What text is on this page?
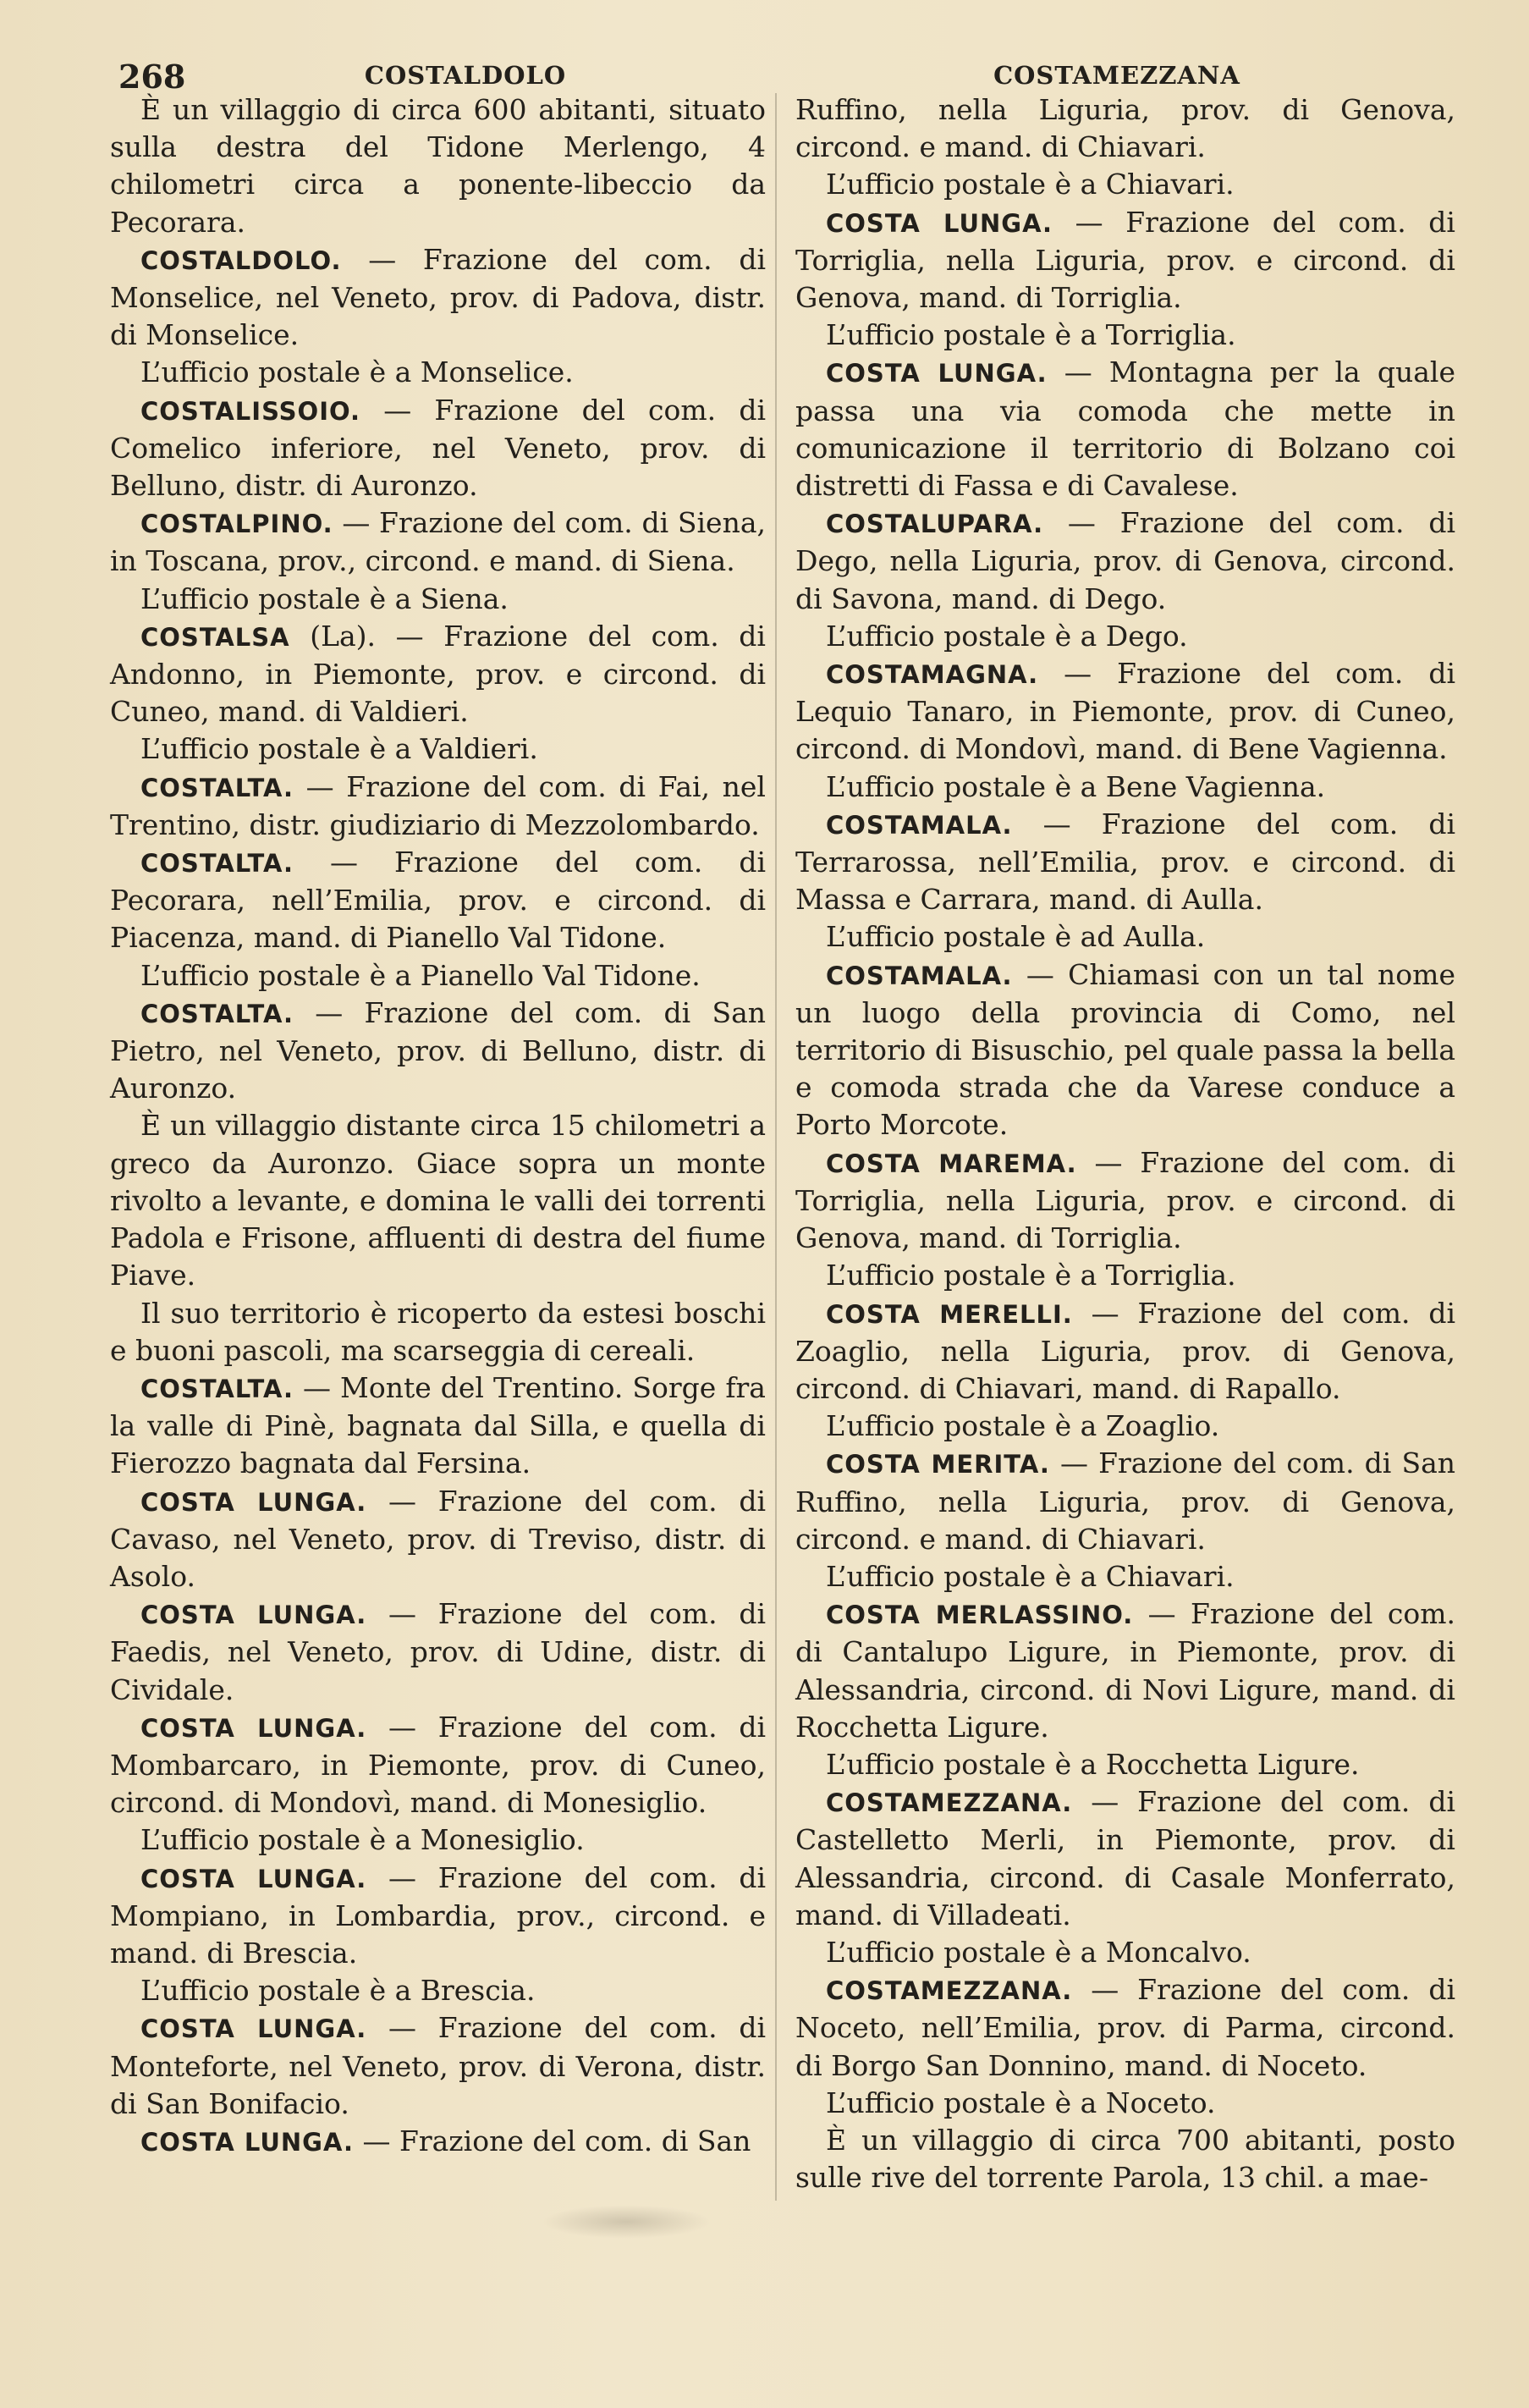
268	COSTALDOLO	COSTAMEZZANA

È un villaggio di circa 600 abitanti, situato sulla destra del Tidone Merlengo, 4 chilometri circa a ponente-libeccio da Pecorara.

COSTALDOLO. — Frazione del com. di Monselice, nel Veneto, prov. di Padova, distr. di Monselice.

L’ufficio postale è a Monselice.

COSTALISSOIO. — Frazione del com. di Comelico inferiore, nel Veneto, prov. di Belluno, distr. di Auronzo.

COSTALPINO. — Frazione del com. di Siena, in Toscana, prov., circond. e mand. di Siena.

L’ufficio postale è a Siena.

COSTALSA (La). — Frazione del com. di Andonno, in Piemonte, prov. e circond. di Cuneo, mand. di Valdieri.

L’ufficio postale è a Valdieri.

COSTALTA. — Frazione del com. di Fai, nel Trentino, distr. giudiziario di Mezzolombardo.

COSTALTA. — Frazione del com. di Pecorara, nell’Emilia, prov. e circond. di Piacenza, mand. di Pianello Val Tidone.

L’ufficio postale è a Pianello Val Tidone.

COSTALTA. — Frazione del com. di San Pietro, nel Veneto, prov. di Belluno, distr. di Auronzo.

È un villaggio distante circa 15 chilometri a greco da Auronzo. Giace sopra un monte rivolto a levante, e domina le valli dei torrenti Padola e Frisone, affluenti di destra del fiume Piave.

Il suo territorio è ricoperto da estesi boschi e buoni pascoli, ma scarseggia di cereali.

COSTALTA. — Monte del Trentino. Sorge fra la valle di Pinè, bagnata dal Silla, e quella di Fierozzo bagnata dal Fersina.

COSTA LUNGA. — Frazione del com. di Cavaso, nel Veneto, prov. di Treviso, distr. di Asolo.

COSTA LUNGA. — Frazione del com. di Faedis, nel Veneto, prov. di Udine, distr. di Cividale.

COSTA LUNGA. — Frazione del com. di Mombarcaro, in Piemonte, prov. di Cuneo, circond. di Mondovì, mand. di Monesiglio.

L’ufficio postale è a Monesiglio.

COSTA LUNGA. — Frazione del com. di Mompiano, in Lombardia, prov., circond. e mand. di Brescia.

L’ufficio postale è a Brescia.

COSTA LUNGA. — Frazione del com. di Monteforte, nel Veneto, prov. di Verona, distr. di San Bonifacio.

COSTA LUNGA. — Frazione del com. di San

Ruffino, nella Liguria, prov. di Genova, circond. e mand. di Chiavari.

L’ufficio postale è a Chiavari.

COSTA LUNGA. — Frazione del com. di Torriglia, nella Liguria, prov. e circond. di Genova, mand. di Torriglia.

L’ufficio postale è a Torriglia.

COSTA LUNGA. — Montagna per la quale passa una via comoda che mette in comunicazione il territorio di Bolzano coi distretti di Fassa e di Cavalese.

COSTALUPARA. — Frazione del com. di Dego, nella Liguria, prov. di Genova, circond. di Savona, mand. di Dego.

L’ufficio postale è a Dego.

COSTAMAGNA. — Frazione del com. di Lequio Tanaro, in Piemonte, prov. di Cuneo, circond. di Mondovì, mand. di Bene Vagienna.

L’ufficio postale è a Bene Vagienna.

COSTAMALA. — Frazione del com. di Terrarossa, nell’Emilia, prov. e circond. di Massa e Carrara, mand. di Aulla.

L’ufficio postale è ad Aulla.

COSTAMALA. — Chiamasi con un tal nome un luogo della provincia di Como, nel territorio di Bisuschio, pel quale passa la bella e comoda strada che da Varese conduce a Porto Morcote.

COSTA MAREMA. — Frazione del com. di Torriglia, nella Liguria, prov. e circond. di Genova, mand. di Torriglia.

L’ufficio postale è a Torriglia.

COSTA MERELLI. — Frazione del com. di Zoaglio, nella Liguria, prov. di Genova, circond. di Chiavari, mand. di Rapallo.

L’ufficio postale è a Zoaglio.

COSTA MERITA. — Frazione del com. di San Ruffino, nella Liguria, prov. di Genova, circond. e mand. di Chiavari.

L’ufficio postale è a Chiavari.

COSTA MERLASSINO. — Frazione del com. di Cantalupo Ligure, in Piemonte, prov. di Alessandria, circond. di Novi Ligure, mand. di Rocchetta Ligure.

L’ufficio postale è a Rocchetta Ligure.

COSTAMEZZANA. — Frazione del com. di Castelletto Merli, in Piemonte, prov. di Alessandria, circond. di Casale Monferrato, mand. di Villadeati.

L’ufficio postale è a Moncalvo.

COSTAMEZZANA. — Frazione del com. di Noceto, nell’Emilia, prov. di Parma, circond. di Borgo San Donnino, mand. di Noceto.

L’ufficio postale è a Noceto.

È un villaggio di circa 700 abitanti, posto sulle rive del torrente Parola, 13 chil. a mae-
